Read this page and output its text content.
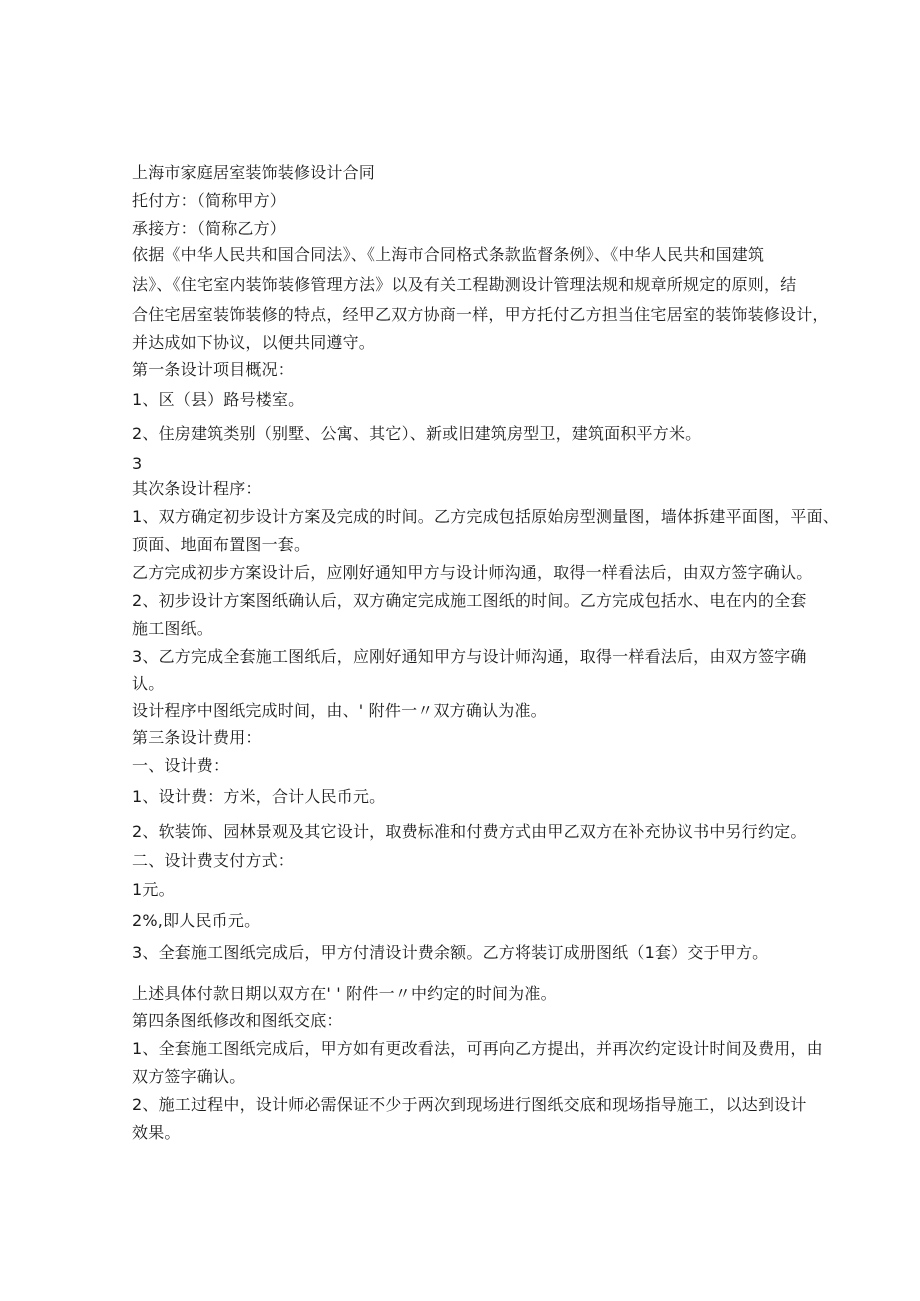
上海市家庭居室装饰装修设计合同
托付方：（简称甲方）
承接方：（简称乙方）
依据《中华人民共和国合同法》、《上海市合同格式条款监督条例》、《中华人民共和国建筑
法》、《住宅室内装饰装修管理方法》以及有关工程勘测设计管理法规和规章所规定的原则，结
合住宅居室装饰装修的特点，经甲乙双方协商一样，甲方托付乙方担当住宅居室的装饰装修设计，
并达成如下协议，以便共同遵守。
第一条设计项目概况：
1、区（县）路号楼室。
2、住房建筑类别（别墅、公寓、其它）、新或旧建筑房型卫，建筑面积平方米。
3
其次条设计程序：
1、双方确定初步设计方案及完成的时间。乙方完成包括原始房型测量图，墙体拆建平面图，平面、
顶面、地面布置图一套。
乙方完成初步方案设计后，应刚好通知甲方与设计师沟通，取得一样看法后，由双方签字确认。
2、初步设计方案图纸确认后，双方确定完成施工图纸的时间。乙方完成包括水、电在内的全套
施工图纸。
3、乙方完成全套施工图纸后，应刚好通知甲方与设计师沟通，取得一样看法后，由双方签字确
认。
设计程序中图纸完成时间，由、' 附件一〃双方确认为准。
第三条设计费用：
一、设计费：
1、设计费：方米，合计人民币元。
2、软装饰、园林景观及其它设计，取费标准和付费方式由甲乙双方在补充协议书中另行约定。
二、设计费支付方式：
1元。
2%,即人民币元。
3、全套施工图纸完成后，甲方付清设计费余额。乙方将装订成册图纸（1套）交于甲方。
上述具体付款日期以双方在' ' 附件一〃中约定的时间为准。
第四条图纸修改和图纸交底：
1、全套施工图纸完成后，甲方如有更改看法，可再向乙方提出，并再次约定设计时间及费用，由
双方签字确认。
2、施工过程中，设计师必需保证不少于两次到现场进行图纸交底和现场指导施工，以达到设计
效果。
